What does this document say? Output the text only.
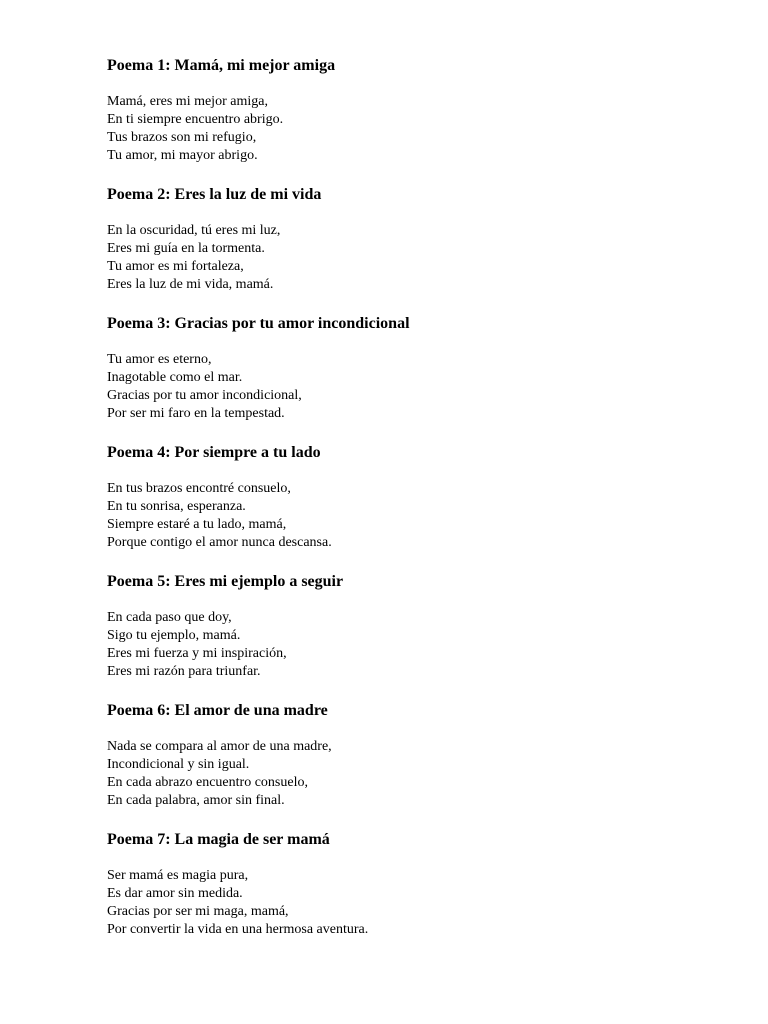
Poema 1: Mamá, mi mejor amiga
Mamá, eres mi mejor amiga,
En ti siempre encuentro abrigo.
Tus brazos son mi refugio,
Tu amor, mi mayor abrigo.
Poema 2: Eres la luz de mi vida
En la oscuridad, tú eres mi luz,
Eres mi guía en la tormenta.
Tu amor es mi fortaleza,
Eres la luz de mi vida, mamá.
Poema 3: Gracias por tu amor incondicional
Tu amor es eterno,
Inagotable como el mar.
Gracias por tu amor incondicional,
Por ser mi faro en la tempestad.
Poema 4: Por siempre a tu lado
En tus brazos encontré consuelo,
En tu sonrisa, esperanza.
Siempre estaré a tu lado, mamá,
Porque contigo el amor nunca descansa.
Poema 5: Eres mi ejemplo a seguir
En cada paso que doy,
Sigo tu ejemplo, mamá.
Eres mi fuerza y mi inspiración,
Eres mi razón para triunfar.
Poema 6: El amor de una madre
Nada se compara al amor de una madre,
Incondicional y sin igual.
En cada abrazo encuentro consuelo,
En cada palabra, amor sin final.
Poema 7: La magia de ser mamá
Ser mamá es magia pura,
Es dar amor sin medida.
Gracias por ser mi maga, mamá,
Por convertir la vida en una hermosa aventura.
